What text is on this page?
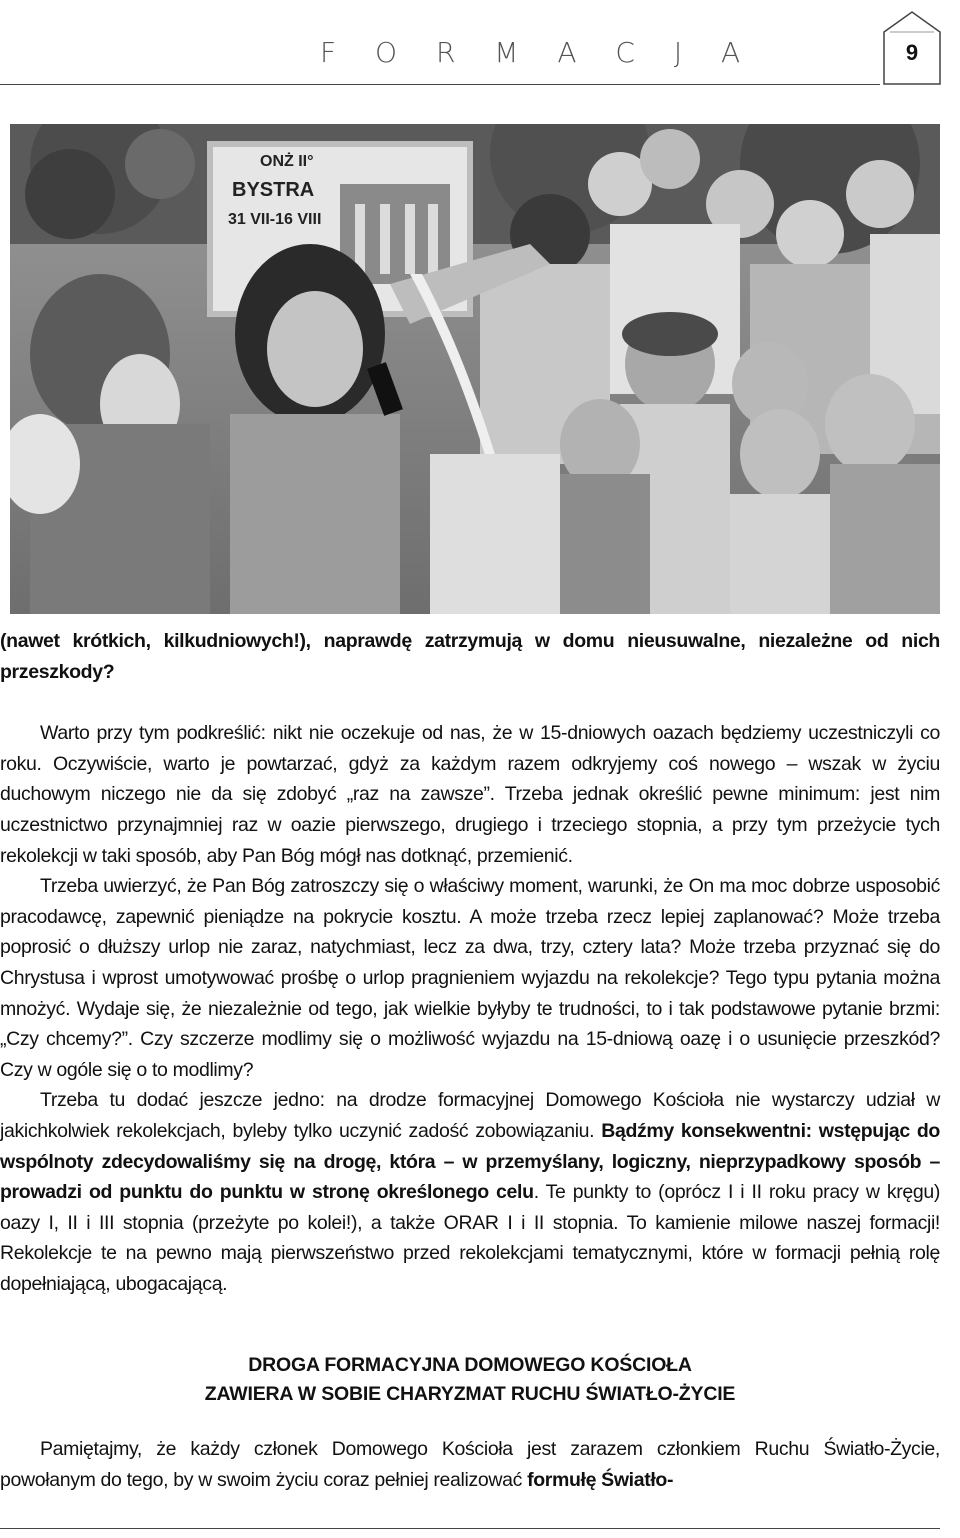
F O R M A C J A	9
ONŻ II°
BYSTRA
31 VII-16 VIII

(nawet krótkich, kilkudniowych!), naprawdę zatrzymują w domu nieusuwalne, niezależne od nich przeszkody?

Warto przy tym podkreślić: nikt nie oczekuje od nas, że w 15-dniowych oazach będziemy uczestniczyli co roku. Oczywiście, warto je powtarzać, gdyż za każdym razem odkryjemy coś nowego – wszak w życiu duchowym niczego nie da się zdobyć „raz na zawsze”. Trzeba jednak określić pewne minimum: jest nim uczestnictwo przynajmniej raz w oazie pierwszego, drugiego i trzeciego stopnia, a przy tym przeżycie tych rekolekcji w taki sposób, aby Pan Bóg mógł nas dotknąć, przemienić.

Trzeba uwierzyć, że Pan Bóg zatroszczy się o właściwy moment, warunki, że On ma moc dobrze usposobić pracodawcę, zapewnić pieniądze na pokrycie kosztu. A może trzeba rzecz lepiej zaplanować? Może trzeba poprosić o dłuższy urlop nie zaraz, natychmiast, lecz za dwa, trzy, cztery lata? Może trzeba przyznać się do Chrystusa i wprost umotywować prośbę o urlop pragnieniem wyjazdu na rekolekcje? Tego typu pytania można mnożyć. Wydaje się, że niezależnie od tego, jak wielkie byłyby te trudności, to i tak podstawowe pytanie brzmi: „Czy chcemy?”. Czy szczerze modlimy się o możliwość wyjazdu na 15-dniową oazę i o usunięcie przeszkód? Czy w ogóle się o to modlimy?

Trzeba tu dodać jeszcze jedno: na drodze formacyjnej Domowego Kościoła nie wystarczy udział w jakichkolwiek rekolekcjach, byleby tylko uczynić zadość zobowiązaniu. Bądźmy konsekwentni: wstępując do wspólnoty zdecydowaliśmy się na drogę, która – w przemyślany, logiczny, nieprzypadkowy sposób – prowadzi od punktu do punktu w stronę określonego celu. Te punkty to (oprócz I i II roku pracy w kręgu) oazy I, II i III stopnia (przeżyte po kolei!), a także ORAR I i II stopnia. To kamienie milowe naszej formacji! Rekolekcje te na pewno mają pierwszeństwo przed rekolekcjami tematycznymi, które w formacji pełnią rolę dopełniającą, ubogacającą.

DROGA FORMACYJNA DOMOWEGO KOŚCIOŁA
ZAWIERA W SOBIE CHARYZMAT RUCHU ŚWIATŁO-ŻYCIE

Pamiętajmy, że każdy członek Domowego Kościoła jest zarazem członkiem Ruchu Światło-Życie, powołanym do tego, by w swoim życiu coraz pełniej realizować formułę Światło-
